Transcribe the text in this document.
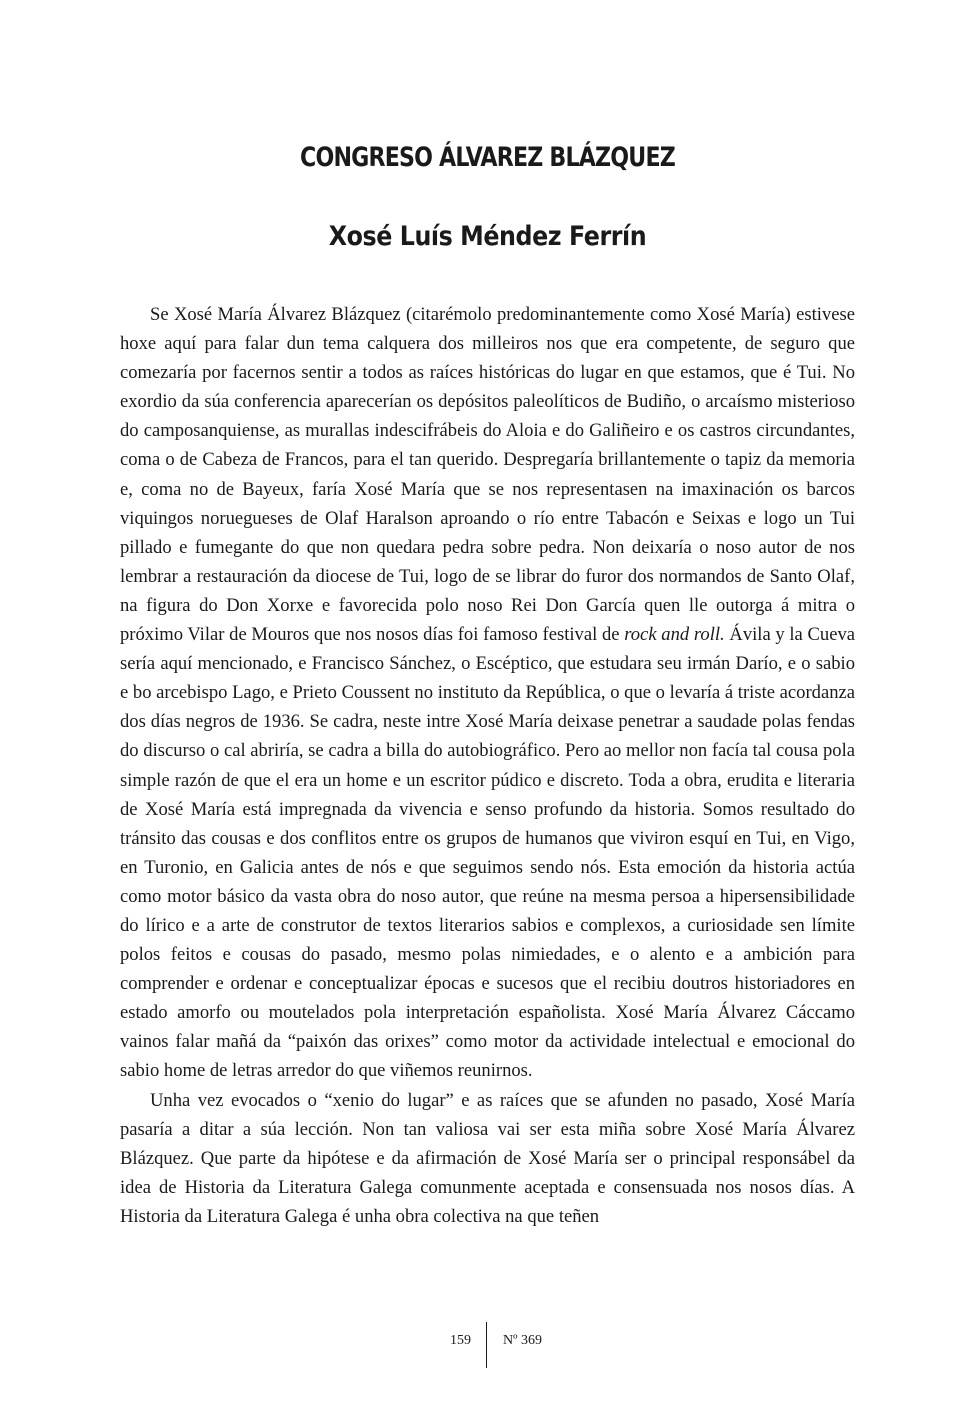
CONGRESO ÁLVAREZ BLÁZQUEZ
Xosé Luís Méndez Ferrín

Se Xosé María Álvarez Blázquez (citarémolo predominantemente como Xosé María) estivese hoxe aquí para falar dun tema calquera dos milleiros nos que era competente, de seguro que comezaría por facernos sentir a todos as raíces históricas do lugar en que estamos, que é Tui. No exordio da súa conferencia aparecerían os depósitos paleolíticos de Budiño, o arcaísmo misterioso do camposanquiense, as murallas indescifrábeis do Aloia e do Galiñeiro e os castros circundantes, coma o de Cabeza de Francos, para el tan querido. Despregaría brillantemente o tapiz da memoria e, coma no de Bayeux, faría Xosé María que se nos representasen na imaxinación os barcos viquingos noruegueses de Olaf Haralson aproando o río entre Tabacón e Seixas e logo un Tui pillado e fumegante do que non quedara pedra sobre pedra. Non deixaría o noso autor de nos lembrar a restauración da diocese de Tui, logo de se librar do furor dos normandos de Santo Olaf, na figura do Don Xorxe e favorecida polo noso Rei Don García quen lle outorga á mitra o próximo Vilar de Mouros que nos nosos días foi famoso festival de rock and roll. Ávila y la Cueva sería aquí mencionado, e Francisco Sánchez, o Escéptico, que estudara seu irmán Darío, e o sabio e bo arcebispo Lago, e Prieto Coussent no instituto da República, o que o levaría á triste acordanza dos días negros de 1936. Se cadra, neste intre Xosé María deixase penetrar a saudade polas fendas do discurso o cal abriría, se cadra a billa do autobiográfico. Pero ao mellor non facía tal cousa pola simple razón de que el era un home e un escritor púdico e discreto. Toda a obra, erudita e literaria de Xosé María está impregnada da vivencia e senso profundo da historia. Somos resultado do tránsito das cousas e dos conflitos entre os grupos de humanos que viviron esquí en Tui, en Vigo, en Turonio, en Galicia antes de nós e que seguimos sendo nós. Esta emoción da historia actúa como motor básico da vasta obra do noso autor, que reúne na mesma persoa a hipersensibilidade do lírico e a arte de construtor de textos literarios sabios e complexos, a curiosidade sen límite polos feitos e cousas do pasado, mesmo polas nimiedades, e o alento e a ambición para comprender e ordenar e conceptualizar épocas e sucesos que el recibiu doutros historiadores en estado amorfo ou moutelados pola interpretación españolista. Xosé María Álvarez Cáccamo vainos falar mañá da “paixón das orixes” como motor da actividade intelectual e emocional do sabio home de letras arredor do que viñemos reunirnos.

Unha vez evocados o “xenio do lugar” e as raíces que se afunden no pasado, Xosé María pasaría a ditar a súa lección. Non tan valiosa vai ser esta miña sobre Xosé María Álvarez Blázquez. Que parte da hipótese e da afirmación de Xosé María ser o principal responsábel da idea de Historia da Literatura Galega comunmente aceptada e consensuada nos nosos días. A Historia da Literatura Galega é unha obra colectiva na que teñen

159 Nº 369
